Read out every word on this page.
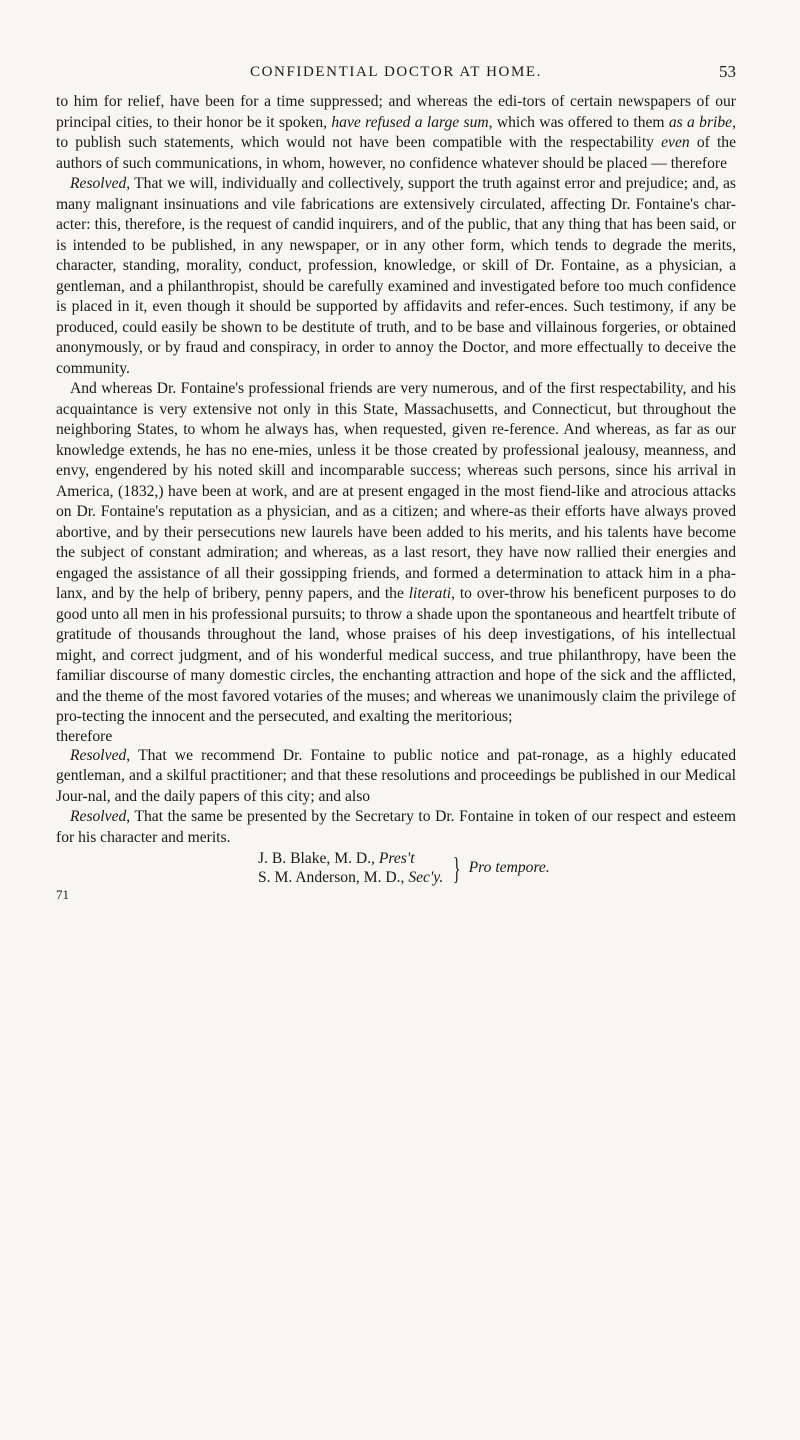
CONFIDENTIAL DOCTOR AT HOME.	53

to him for relief, have been for a time suppressed; and whereas the edi-tors of certain newspapers of our principal cities, to their honor be it spoken, have refused a large sum, which was offered to them as a bribe, to publish such statements, which would not have been compatible with the respectability even of the authors of such communications, in whom, however, no confidence whatever should be placed — therefore

Resolved, That we will, individually and collectively, support the truth against error and prejudice; and, as many malignant insinuations and vile fabrications are extensively circulated, affecting Dr. Fontaine's char-acter: this, therefore, is the request of candid inquirers, and of the public, that any thing that has been said, or is intended to be published, in any newspaper, or in any other form, which tends to degrade the merits, character, standing, morality, conduct, profession, knowledge, or skill of Dr. Fontaine, as a physician, a gentleman, and a philanthropist, should be carefully examined and investigated before too much confidence is placed in it, even though it should be supported by affidavits and refer-ences. Such testimony, if any be produced, could easily be shown to be destitute of truth, and to be base and villainous forgeries, or obtained anonymously, or by fraud and conspiracy, in order to annoy the Doctor, and more effectually to deceive the community.

And whereas Dr. Fontaine's professional friends are very numerous, and of the first respectability, and his acquaintance is very extensive not only in this State, Massachusetts, and Connecticut, but throughout the neighboring States, to whom he always has, when requested, given re-ference. And whereas, as far as our knowledge extends, he has no ene-mies, unless it be those created by professional jealousy, meanness, and envy, engendered by his noted skill and incomparable success; whereas such persons, since his arrival in America, (1832,) have been at work, and are at present engaged in the most fiend-like and atrocious attacks on Dr. Fontaine's reputation as a physician, and as a citizen; and where-as their efforts have always proved abortive, and by their persecutions new laurels have been added to his merits, and his talents have become the subject of constant admiration; and whereas, as a last resort, they have now rallied their energies and engaged the assistance of all their gossipping friends, and formed a determination to attack him in a pha-lanx, and by the help of bribery, penny papers, and the literati, to over-throw his beneficent purposes to do good unto all men in his professional pursuits; to throw a shade upon the spontaneous and heartfelt tribute of gratitude of thousands throughout the land, whose praises of his deep investigations, of his intellectual might, and correct judgment, and of his wonderful medical success, and true philanthropy, have been the familiar discourse of many domestic circles, the enchanting attraction and hope of the sick and the afflicted, and the theme of the most favored votaries of the muses; and whereas we unanimously claim the privilege of pro-tecting the innocent and the persecuted, and exalting the meritorious;

therefore

Resolved, That we recommend Dr. Fontaine to public notice and pat-ronage, as a highly educated gentleman, and a skilful practitioner; and that these resolutions and proceedings be published in our Medical Jour-nal, and the daily papers of this city; and also

Resolved, That the same be presented by the Secretary to Dr. Fontaine in token of our respect and esteem for his character and merits.

J. B. Blake, M. D., Pres't
S. M. Anderson, M. D., Sec'y. } Pro tempore.
71
